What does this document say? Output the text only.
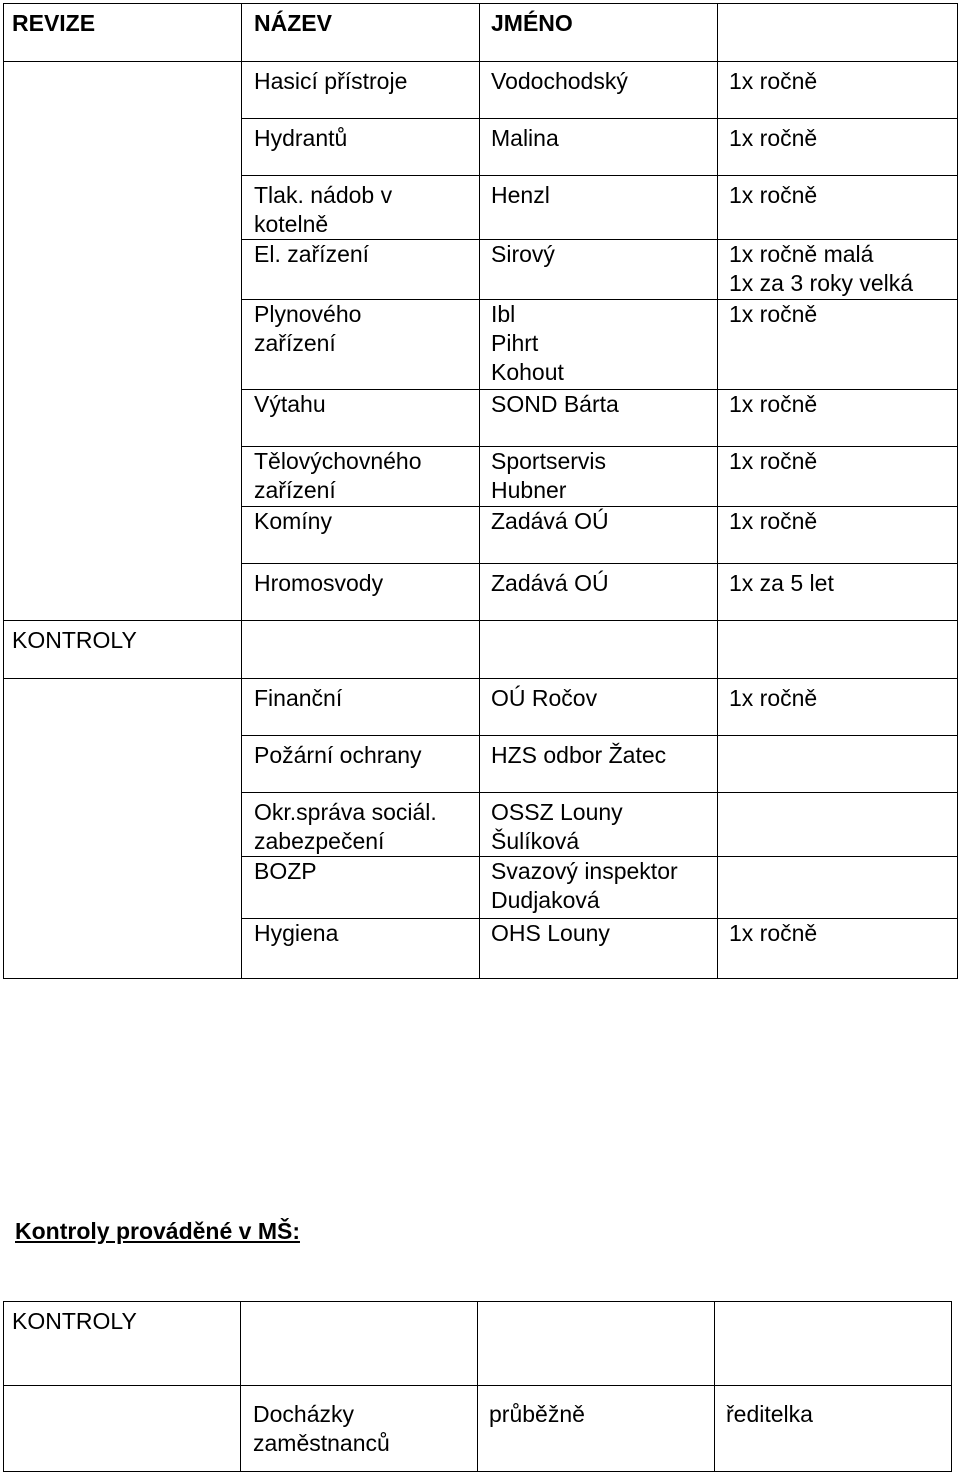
REVIZE	NÁZEV	JMÉNO	
	Hasicí přístroje	Vodochodský	1x ročně
	Hydrantů	Malina	1x ročně

	Tlak. nádob v
kotelně	Henzl	1x ročně
	El. zařízení	Sirový	1x ročně malá
1x za 3 roky velká

	Plynového
zařízení	Ibl
Pihrt
Kohout	1x ročně
	Výtahu	SOND Bárta	1x ročně

	Tělovýchovného
zařízení	Sportservis
Hubner	1x ročně
	Komíny	Zadává OÚ	1x ročně
	Hromosvody	Zadává OÚ	1x za 5 let
KONTROLY			
	Finanční	OÚ Ročov	1x ročně
	Požární ochrany	HZS odbor Žatec	

	Okr.správa sociál.
zabezpečení	OSSZ Louny
Šulíková	

	BOZP	Svazový inspektor
Dudjaková	

	Hygiena	OHS Louny	1x ročně
Kontroly prováděné v MŠ:
KONTROLY			

	Docházky
zaměstnanců	průběžně	ředitelka
